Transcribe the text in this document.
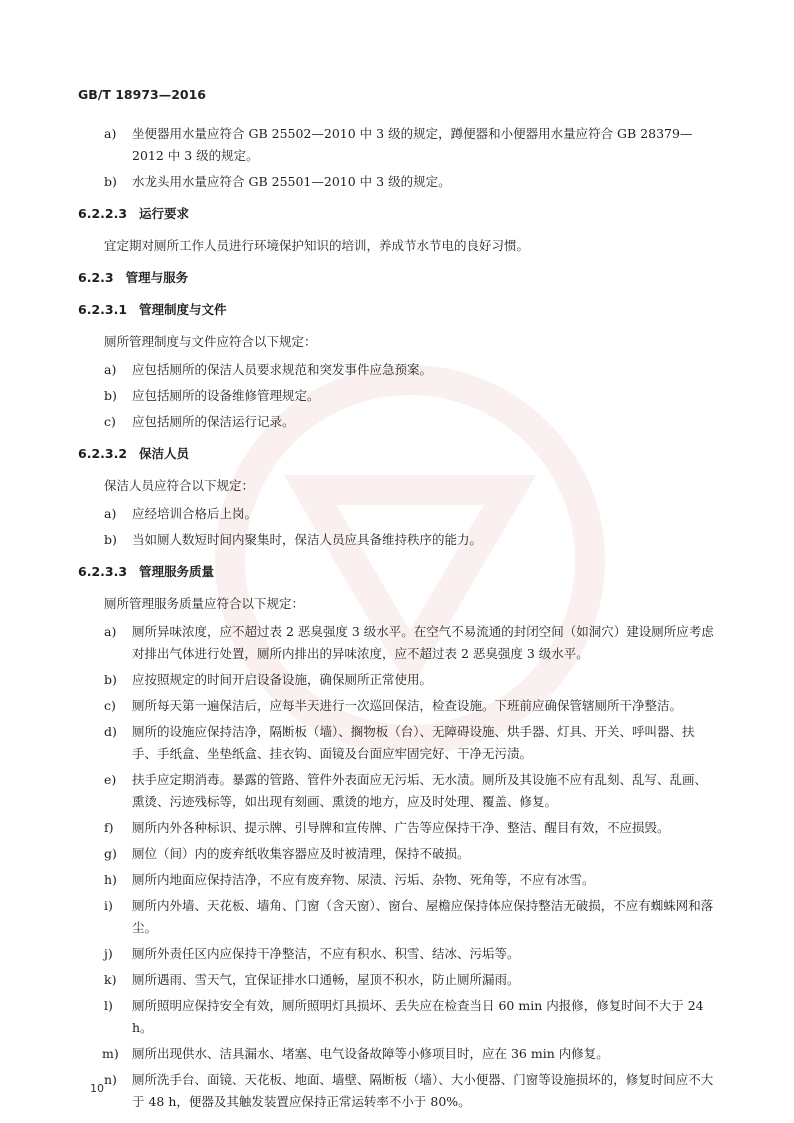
GB/T 18973—2016
a) 坐便器用水量应符合 GB 25502—2010 中 3 级的规定，蹲便器和小便器用水量应符合 GB 28379—2012 中 3 级的规定。
b) 水龙头用水量应符合 GB 25501—2010 中 3 级的规定。
6.2.2.3 运行要求
宜定期对厕所工作人员进行环境保护知识的培训，养成节水节电的良好习惯。
6.2.3 管理与服务
6.2.3.1 管理制度与文件
厕所管理制度与文件应符合以下规定：
a) 应包括厕所的保洁人员要求规范和突发事件应急预案。
b) 应包括厕所的设备维修管理规定。
c) 应包括厕所的保洁运行记录。
6.2.3.2 保洁人员
保洁人员应符合以下规定：
a) 应经培训合格后上岗。
b) 当如厕人数短时间内聚集时，保洁人员应具备维持秩序的能力。
6.2.3.3 管理服务质量
厕所管理服务质量应符合以下规定：
a) 厕所异味浓度，应不超过表 2 恶臭强度 3 级水平。在空气不易流通的封闭空间（如洞穴）建设厕所应考虑对排出气体进行处置，厕所内排出的异味浓度，应不超过表 2 恶臭强度 3 级水平。
b) 应按照规定的时间开启设备设施，确保厕所正常使用。
c) 厕所每天第一遍保洁后，应每半天进行一次巡回保洁，检查设施。下班前应确保管辖厕所干净整洁。
d) 厕所的设施应保持洁净，隔断板（墙）、搁物板（台）、无障碍设施、烘手器、灯具、开关、呼叫器、扶手、手纸盒、坐垫纸盒、挂衣钩、面镜及台面应牢固完好、干净无污渍。
e) 扶手应定期消毒。暴露的管路、管件外表面应无污垢、无水渍。厕所及其设施不应有乱刻、乱写、乱画、熏烫、污迹残标等，如出现有刻画、熏烫的地方，应及时处理、覆盖、修复。
f) 厕所内外各种标识、提示牌、引导牌和宣传牌、广告等应保持干净、整洁、醒目有效，不应损毁。
g) 厕位（间）内的废弃纸收集容器应及时被清理，保持不破损。
h) 厕所内地面应保持洁净，不应有废弃物、尿渍、污垢、杂物、死角等，不应有冰雪。
i) 厕所内外墙、天花板、墙角、门窗（含天窗）、窗台、屋檐应保持体应保持整洁无破损，不应有蜘蛛网和落尘。
j) 厕所外责任区内应保持干净整洁，不应有积水、积雪、结冰、污垢等。
k) 厕所遇雨、雪天气，宜保证排水口通畅，屋顶不积水，防止厕所漏雨。
l) 厕所照明应保持安全有效，厕所照明灯具损坏、丢失应在检查当日 60 min 内报修，修复时间不大于 24 h。
m) 厕所出现供水、洁具漏水、堵塞、电气设备故障等小修项目时，应在 36 min 内修复。
n) 厕所洗手台、面镜、天花板、地面、墙壁、隔断板（墙）、大小便器、门窗等设施损坏的，修复时间应不大于 48 h，便器及其触发装置应保持正常运转率不小于 80%。
10
